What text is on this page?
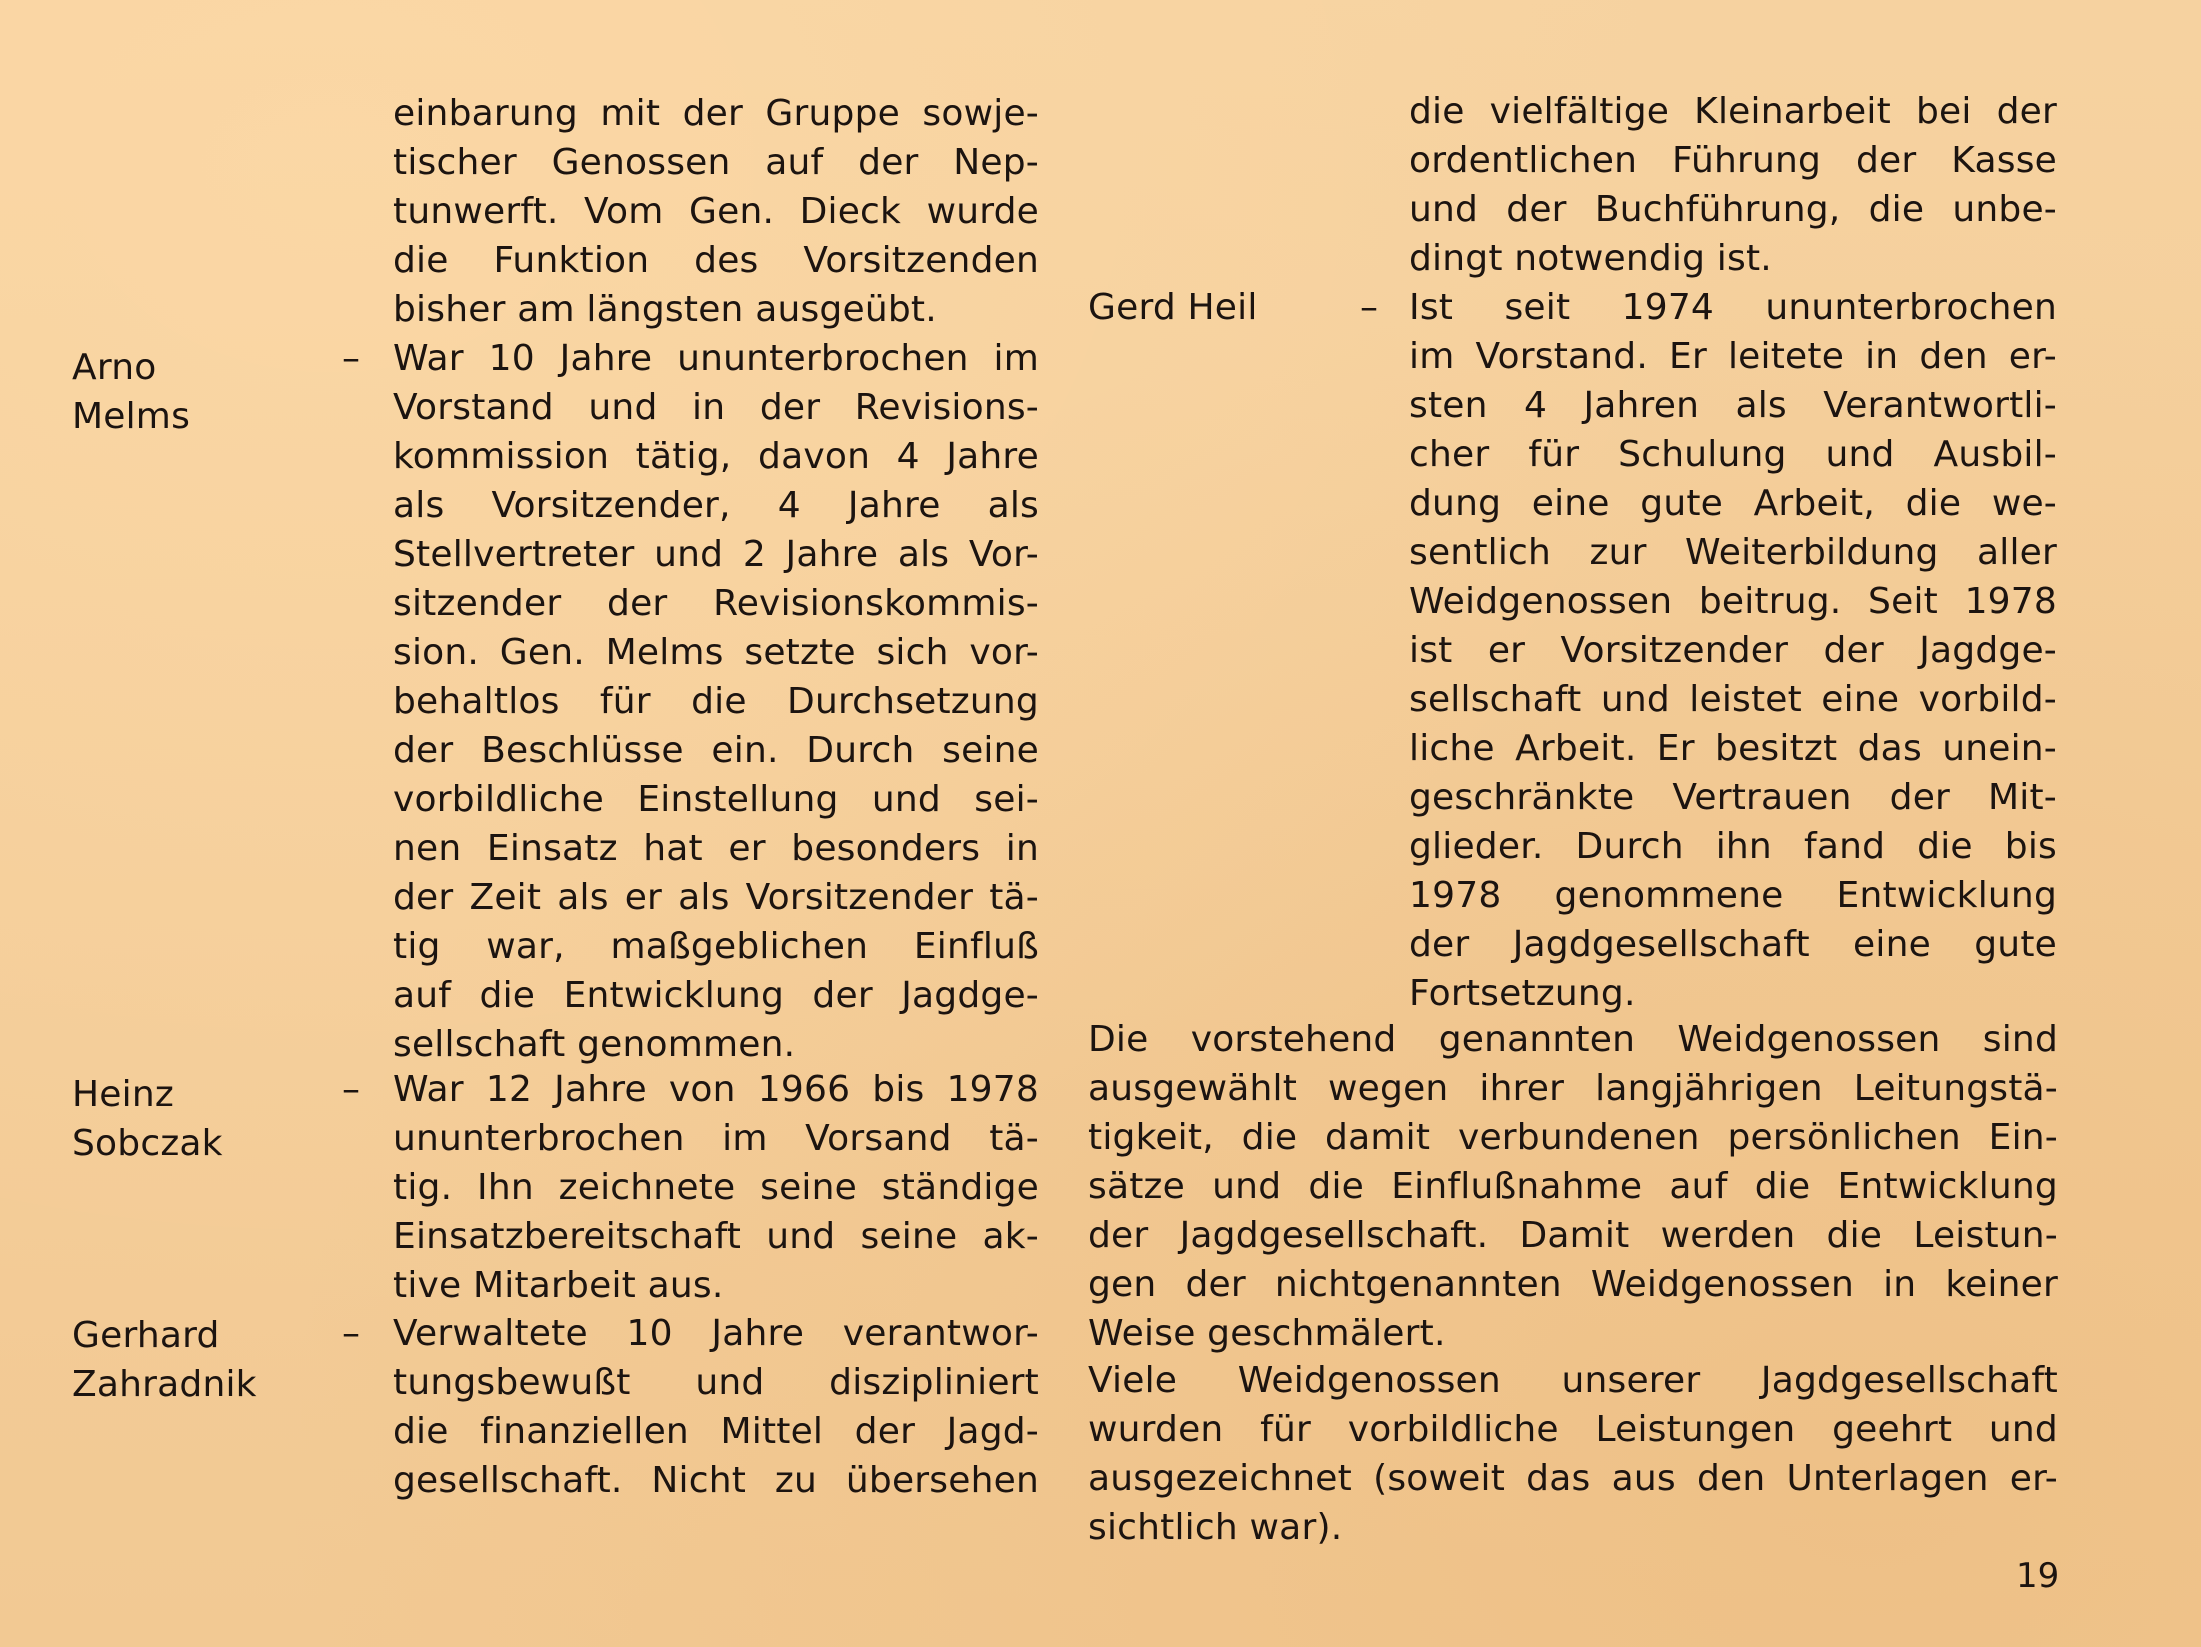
einbarung mit der Gruppe sowje-

tischer Genossen auf der Nep-

tunwerft. Vom Gen. Dieck wurde

die Funktion des Vorsitzenden

bisher am längsten ausgeübt.

Arno

Melms

– War 10 Jahre ununterbrochen im

Vorstand und in der Revisions-

kommission tätig, davon 4 Jahre

als Vorsitzender, 4 Jahre als

Stellvertreter und 2 Jahre als Vor-

sitzender der Revisionskommis-

sion. Gen. Melms setzte sich vor-

behaltlos für die Durchsetzung

der Beschlüsse ein. Durch seine

vorbildliche Einstellung und sei-

nen Einsatz hat er besonders in

der Zeit als er als Vorsitzender tä-

tig war, maßgeblichen Einfluß

auf die Entwicklung der Jagdge-

sellschaft genommen.

Heinz

Sobczak

– War 12 Jahre von 1966 bis 1978

ununterbrochen im Vorsand tä-

tig. Ihn zeichnete seine ständige

Einsatzbereitschaft und seine ak-

tive Mitarbeit aus.

Gerhard

Zahradnik

– Verwaltete 10 Jahre verantwor-

tungsbewußt und diszipliniert

die finanziellen Mittel der Jagd-

gesellschaft. Nicht zu übersehen

die vielfältige Kleinarbeit bei der

ordentlichen Führung der Kasse

und der Buchführung, die unbe-

dingt notwendig ist.

Gerd Heil	– Ist seit 1974 ununterbrochen

im Vorstand. Er leitete in den er-

sten 4 Jahren als Verantwortli-

cher für Schulung und Ausbil-

dung eine gute Arbeit, die we-

sentlich zur Weiterbildung aller

Weidgenossen beitrug. Seit 1978

ist er Vorsitzender der Jagdge-

sellschaft und leistet eine vorbild-

liche Arbeit. Er besitzt das unein-

geschränkte Vertrauen der Mit-

glieder. Durch ihn fand die bis

1978 genommene Entwicklung

der Jagdgesellschaft eine gute

Fortsetzung.

Die vorstehend genannten Weidgenossen sind

ausgewählt wegen ihrer langjährigen Leitungstä-

tigkeit, die damit verbundenen persönlichen Ein-

sätze und die Einflußnahme auf die Entwicklung

der Jagdgesellschaft. Damit werden die Leistun-

gen der nichtgenannten Weidgenossen in keiner

Weise geschmälert.

Viele Weidgenossen unserer Jagdgesellschaft

wurden für vorbildliche Leistungen geehrt und

ausgezeichnet (soweit das aus den Unterlagen er-

sichtlich war).

19
